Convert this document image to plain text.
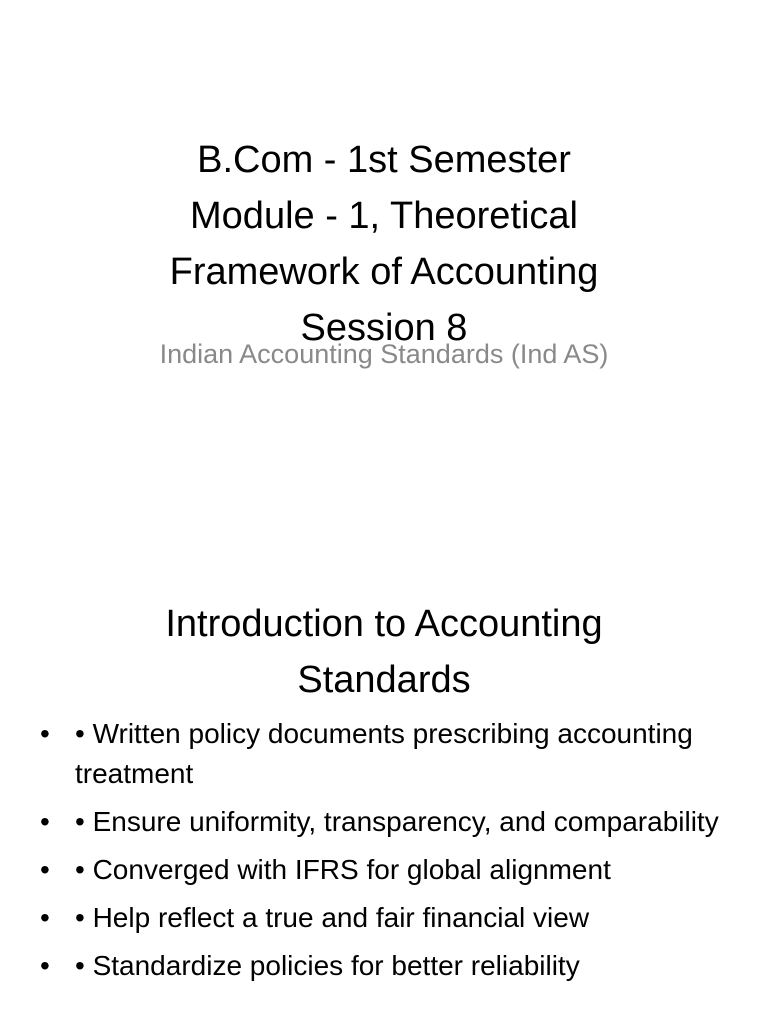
B.Com - 1st Semester
Module - 1, Theoretical
Framework of Accounting
Session 8
Indian Accounting Standards (Ind AS)
Introduction to Accounting
Standards
• • Written policy documents prescribing accounting treatment
• • Ensure uniformity, transparency, and comparability
• • Converged with IFRS for global alignment
• • Help reflect a true and fair financial view
• • Standardize policies for better reliability
